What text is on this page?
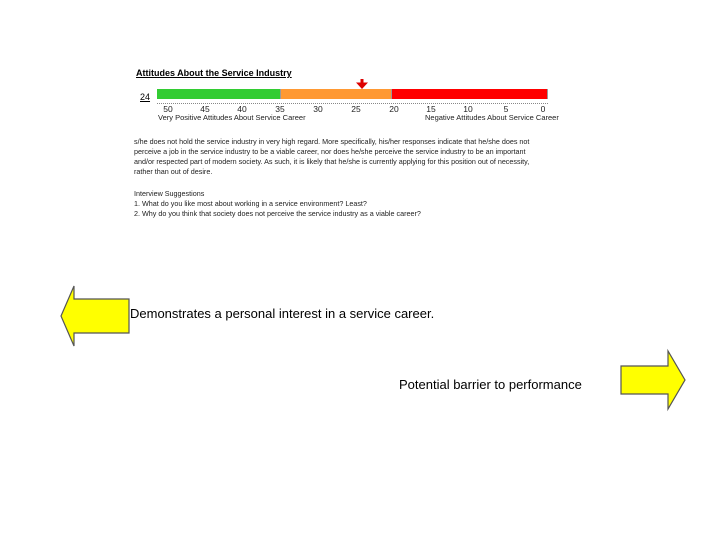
Attitudes About the Service Industry
24
50	45	40	35	30	25	20	15	10	5	0
Very Positive Attitudes About Service Career	Negative Attitudes About Service Career

s/he does not hold the service industry in very high regard. More specifically, his/her responses indicate that he/she does not

perceive a job in the service industry to be a viable career, nor does he/she perceive the service industry to be an important

and/or respected part of modern society. As such, it is likely that he/she is currently applying for this position out of necessity,

rather than out of desire.

Interview Suggestions
1. What do you like most about working in a service environment? Least?
2. Why do you think that society does not perceive the service industry as a viable career?
Demonstrates a personal interest in a service career.
Potential barrier to performance
